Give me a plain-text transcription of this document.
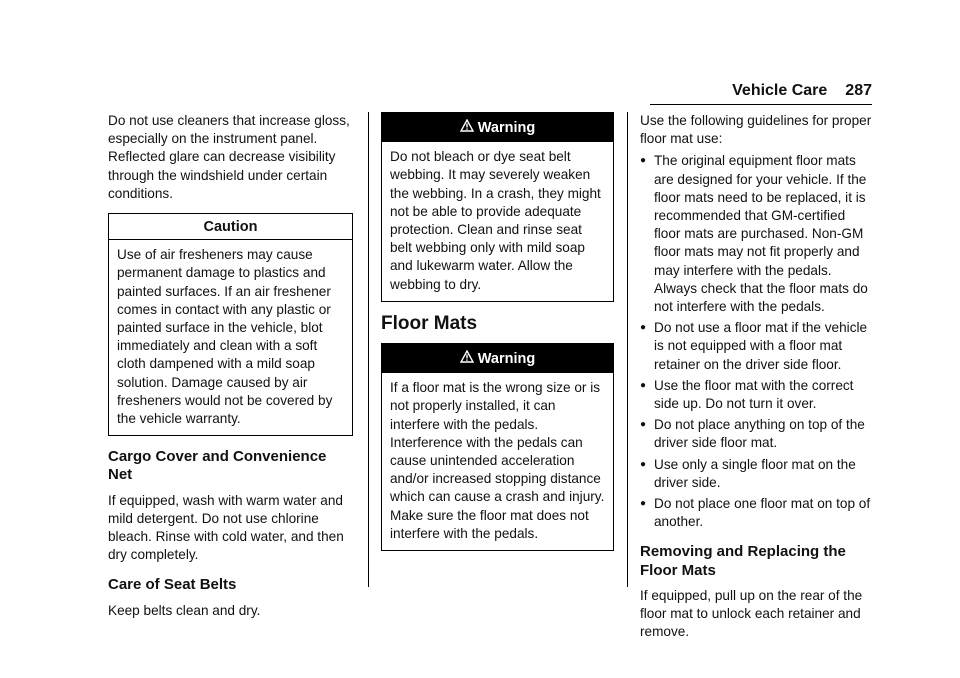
Vehicle Care 287

Do not use cleaners that increase gloss, especially on the instrument panel. Reflected glare can decrease visibility through the windshield under certain conditions.

Caution
Use of air fresheners may cause permanent damage to plastics and painted surfaces. If an air freshener comes in contact with any plastic or painted surface in the vehicle, blot immediately and clean with a soft cloth dampened with a mild soap solution. Damage caused by air fresheners would not be covered by the vehicle warranty.
Cargo Cover and Convenience Net

If equipped, wash with warm water and mild detergent. Do not use chlorine bleach. Rinse with cold water, and then dry completely.

Care of Seat Belts

Keep belts clean and dry.

Warning
Do not bleach or dye seat belt webbing. It may severely weaken the webbing. In a crash, they might not be able to provide adequate protection. Clean and rinse seat belt webbing only with mild soap and lukewarm water. Allow the webbing to dry.
Floor Mats
Warning
If a floor mat is the wrong size or is not properly installed, it can interfere with the pedals. Interference with the pedals can cause unintended acceleration and/or increased stopping distance which can cause a crash and injury. Make sure the floor mat does not interfere with the pedals.

Use the following guidelines for proper floor mat use:

● The original equipment floor mats are designed for your vehicle. If the floor mats need to be replaced, it is recommended that GM-certified floor mats are purchased. Non-GM floor mats may not fit properly and may interfere with the pedals. Always check that the floor mats do not interfere with the pedals.
● Do not use a floor mat if the vehicle is not equipped with a floor mat retainer on the driver side floor.
● Use the floor mat with the correct side up. Do not turn it over.
● Do not place anything on top of the driver side floor mat.
● Use only a single floor mat on the driver side.
● Do not place one floor mat on top of another.
Removing and Replacing the Floor Mats

If equipped, pull up on the rear of the floor mat to unlock each retainer and remove.
